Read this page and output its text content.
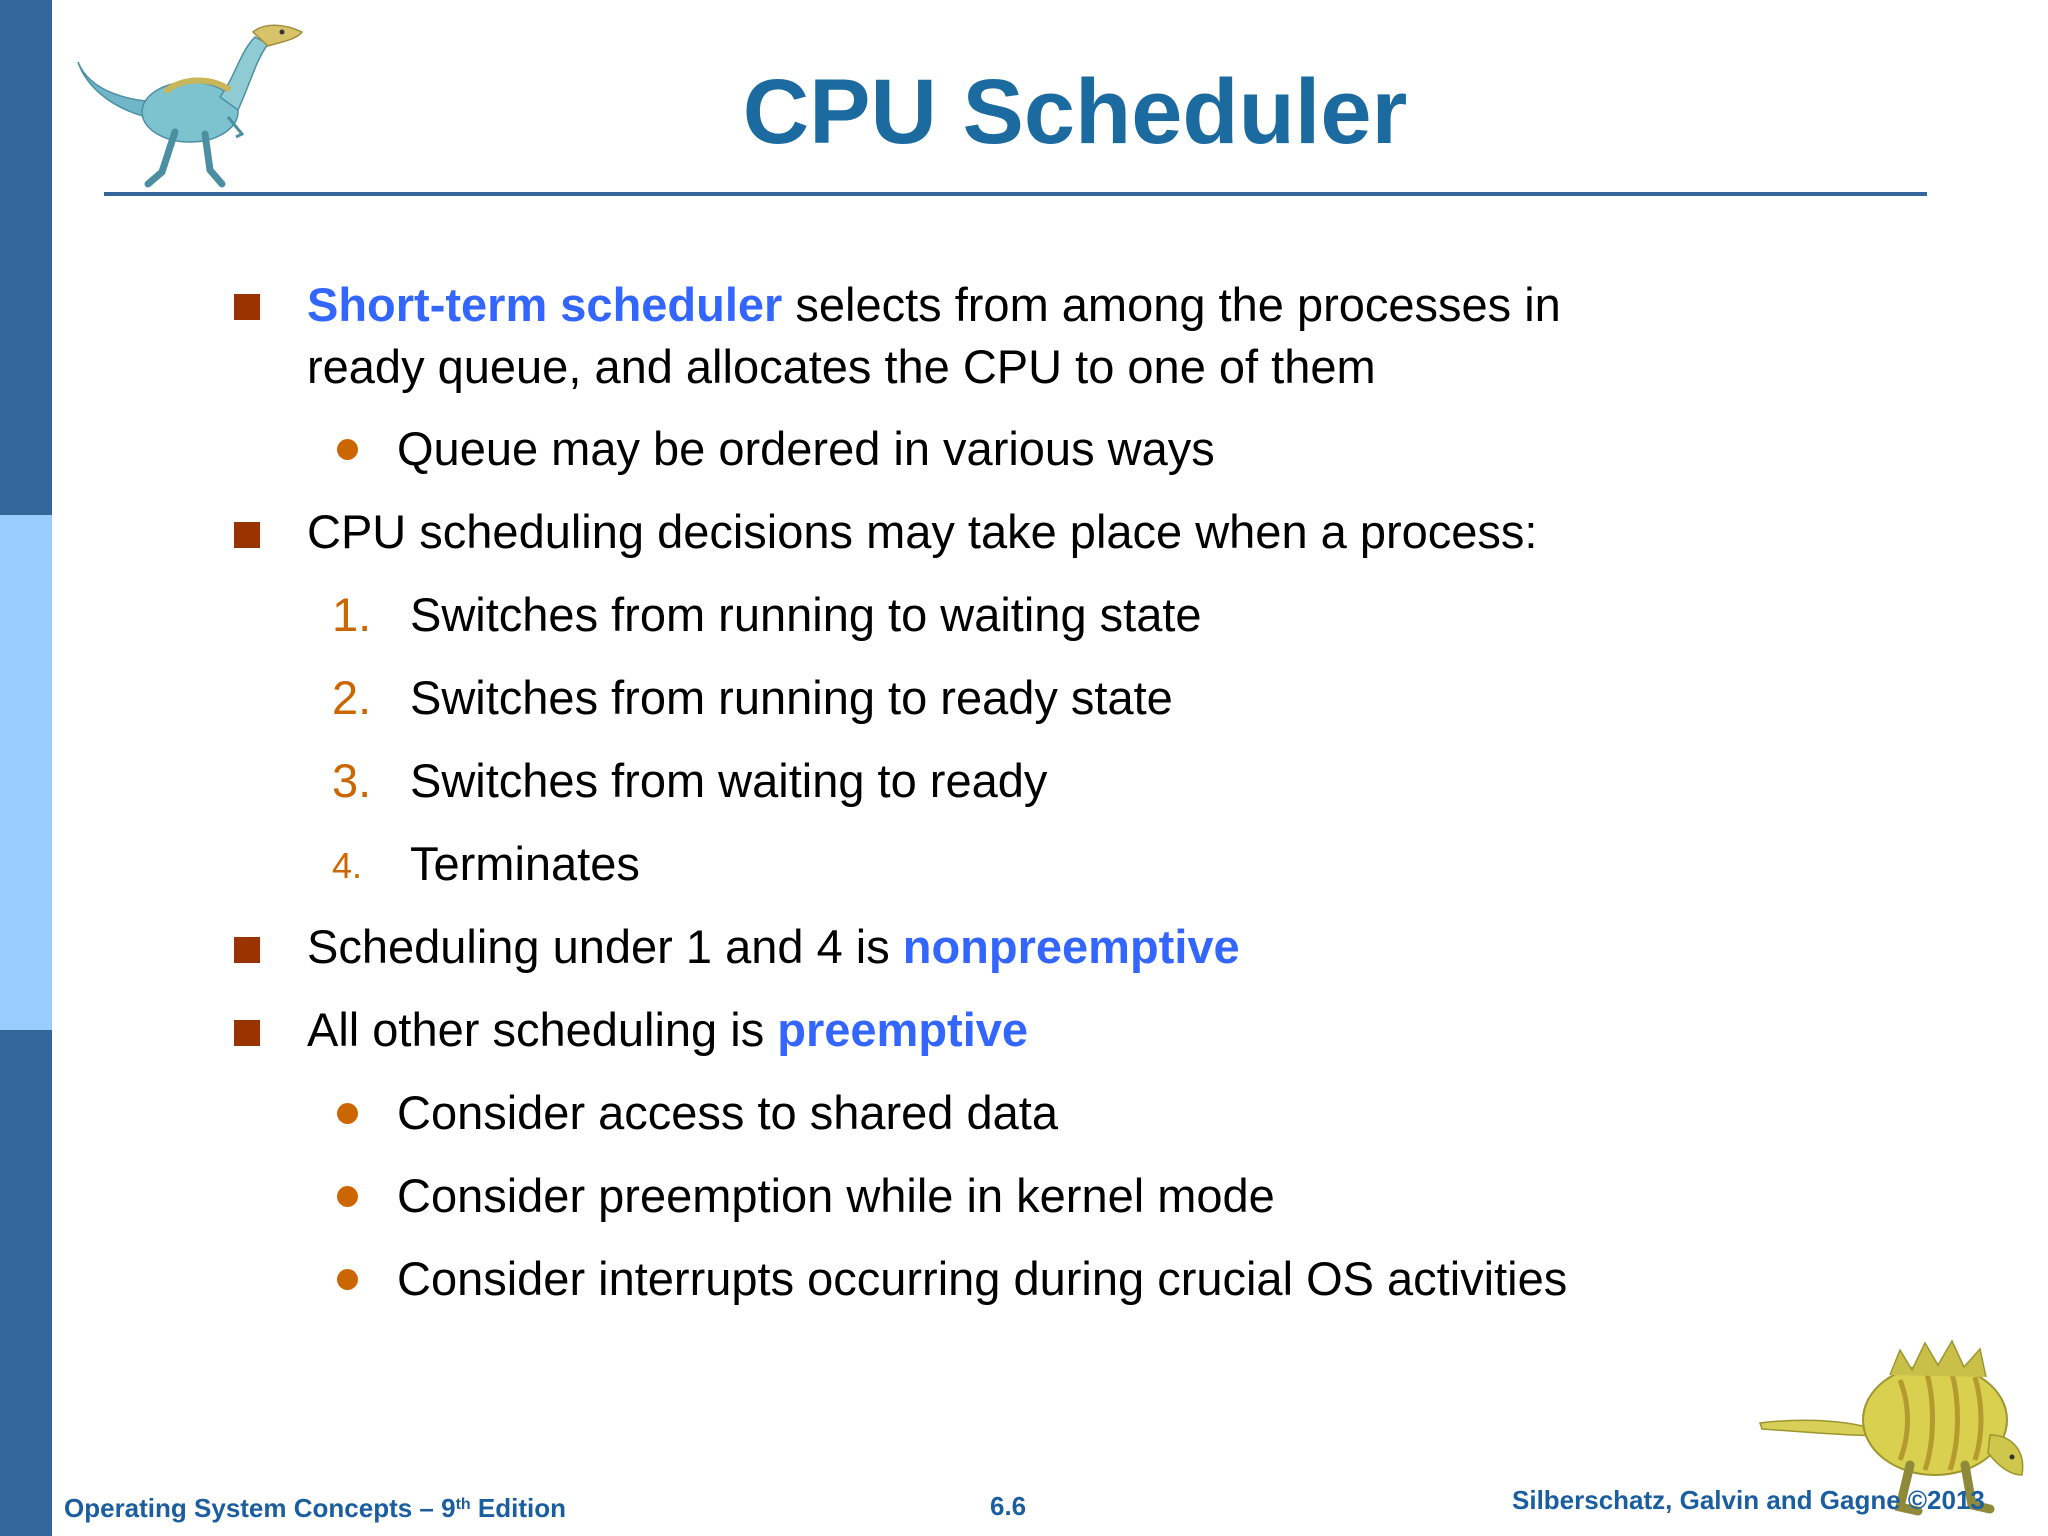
CPU Scheduler
Short-term scheduler selects from among the processes in
ready queue, and allocates the CPU to one of them
Queue may be ordered in various ways
CPU scheduling decisions may take place when a process:
1. Switches from running to waiting state
2. Switches from running to ready state
3. Switches from waiting to ready
4. Terminates
Scheduling under 1 and 4 is nonpreemptive
All other scheduling is preemptive
Consider access to shared data
Consider preemption while in kernel mode
Consider interrupts occurring during crucial OS activities
Operating System Concepts – 9th Edition	6.6	Silberschatz, Galvin and Gagne ©2013
